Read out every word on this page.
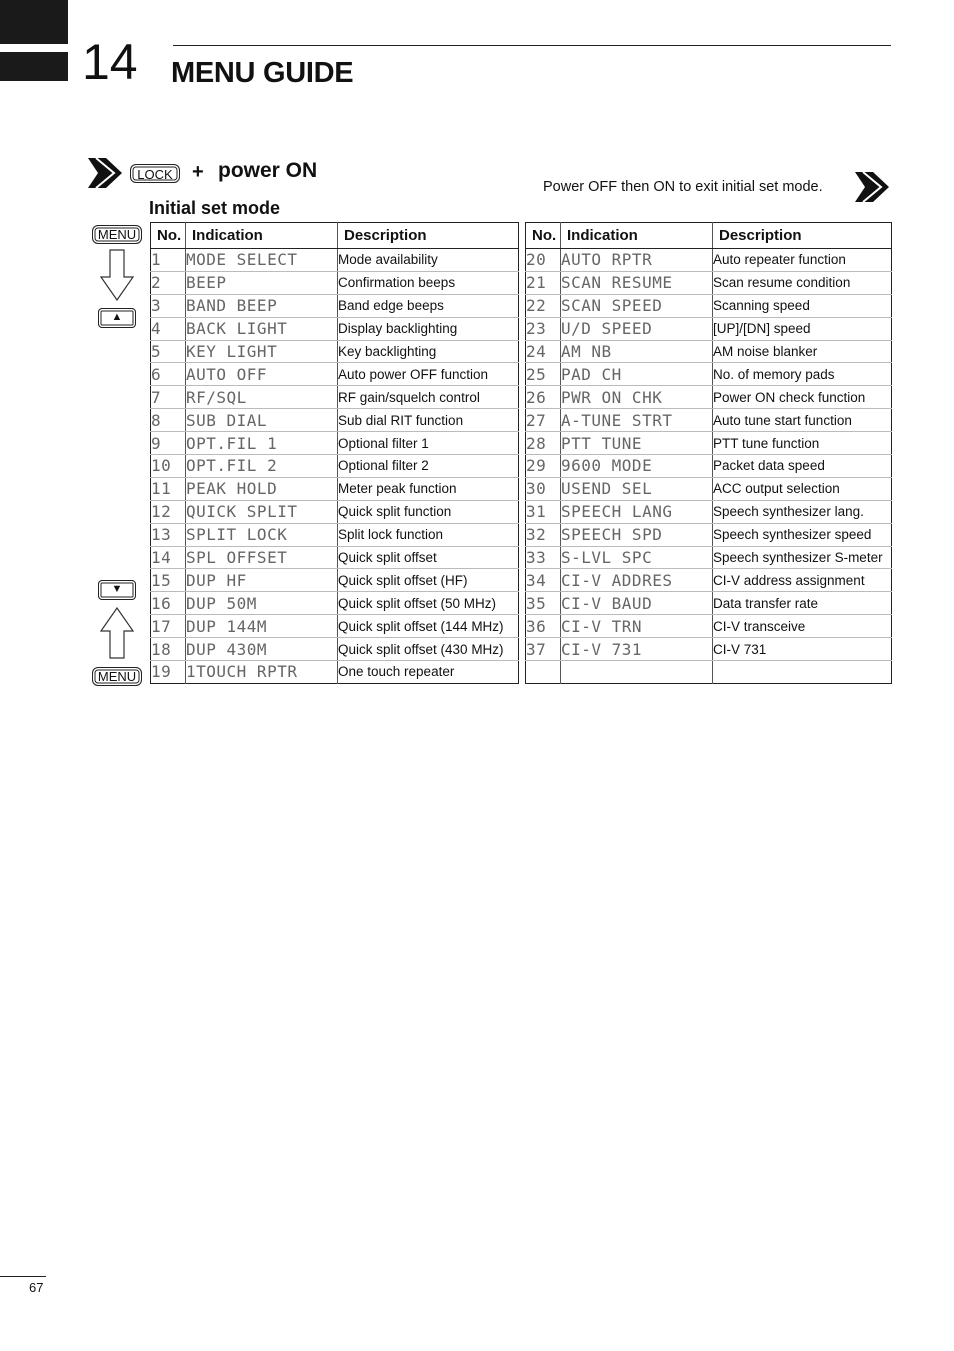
14 MENU GUIDE
LOCK + power ON
Power OFF then ON to exit initial set mode.
Initial set mode
MENU
▲
▼
MENU
No.	Indication	Description
1	MODE SELECT	Mode availability
2	BEEP	Confirmation beeps
3	BAND BEEP	Band edge beeps
4	BACK LIGHT	Display backlighting
5	KEY LIGHT	Key backlighting
6	AUTO OFF	Auto power OFF function
7	RF/SQL	RF gain/squelch control
8	SUB DIAL	Sub dial RIT function
9	OPT.FIL 1	Optional filter 1
10	OPT.FIL 2	Optional filter 2
11	PEAK HOLD	Meter peak function
12	QUICK SPLIT	Quick split function
13	SPLIT LOCK	Split lock function
14	SPL OFFSET	Quick split offset
15	DUP HF	Quick split offset (HF)
16	DUP 50M	Quick split offset (50 MHz)
17	DUP 144M	Quick split offset (144 MHz)
18	DUP 430M	Quick split offset (430 MHz)
19	1TOUCH RPTR	One touch repeater
No.	Indication	Description
20	AUTO RPTR	Auto repeater function
21	SCAN RESUME	Scan resume condition
22	SCAN SPEED	Scanning speed
23	U/D SPEED	[UP]/[DN] speed
24	AM NB	AM noise blanker
25	PAD CH	No. of memory pads
26	PWR ON CHK	Power ON check function
27	A-TUNE STRT	Auto tune start function
28	PTT TUNE	PTT tune function
29	9600 MODE	Packet data speed
30	USEND SEL	ACC output selection
31	SPEECH LANG	Speech synthesizer lang.
32	SPEECH SPD	Speech synthesizer speed
33	S-LVL SPC	Speech synthesizer S-meter
34	CI-V ADDRES	CI-V address assignment
35	CI-V BAUD	Data transfer rate
36	CI-V TRN	CI-V transceive
37	CI-V 731	CI-V 731

67
